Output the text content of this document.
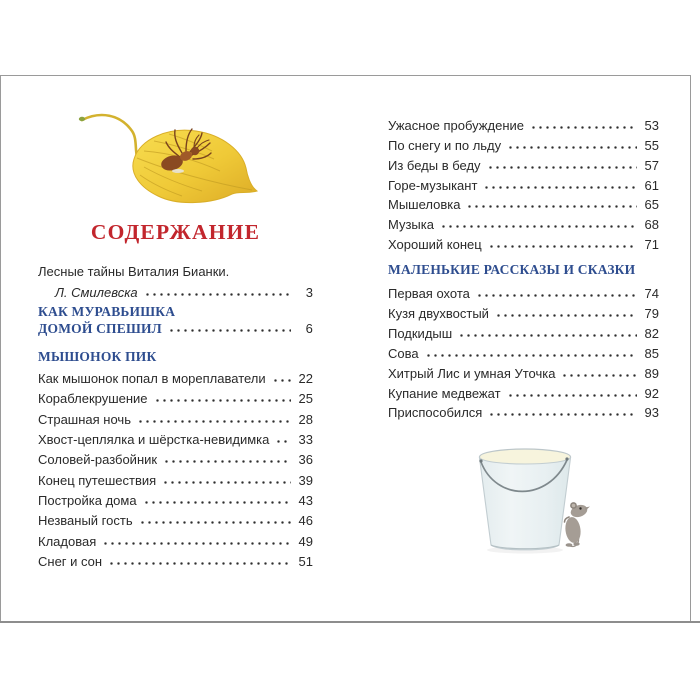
СОДЕРЖАНИЕ
Лесные тайны Виталия Бианки.
Л. Смилевска	3
КАК МУРАВЬИШКА
ДОМОЙ СПЕШИЛ	6
МЫШОНОК ПИК
Как мышонок попал в мореплаватели	22
Кораблекрушение	25
Страшная ночь	28
Хвост-цеплялка и шёрстка-невидимка 33
Соловей-разбойник	36
Конец путешествия	39
Постройка дома	43
Незваный гость	46
Кладовая	49
Снег и сон	51
Ужасное пробуждение	53
По снегу и по льду	55
Из беды в беду	57
Горе-музыкант	61
Мышеловка	65
Музыка	68
Хороший конец	71
МАЛЕНЬКИЕ РАССКАЗЫ И СКАЗКИ
Первая охота	74
Кузя двухвостый	79
Подкидыш	82
Сова	85
Хитрый Лис и умная Уточка	89
Купание медвежат	92
Приспособился	93
